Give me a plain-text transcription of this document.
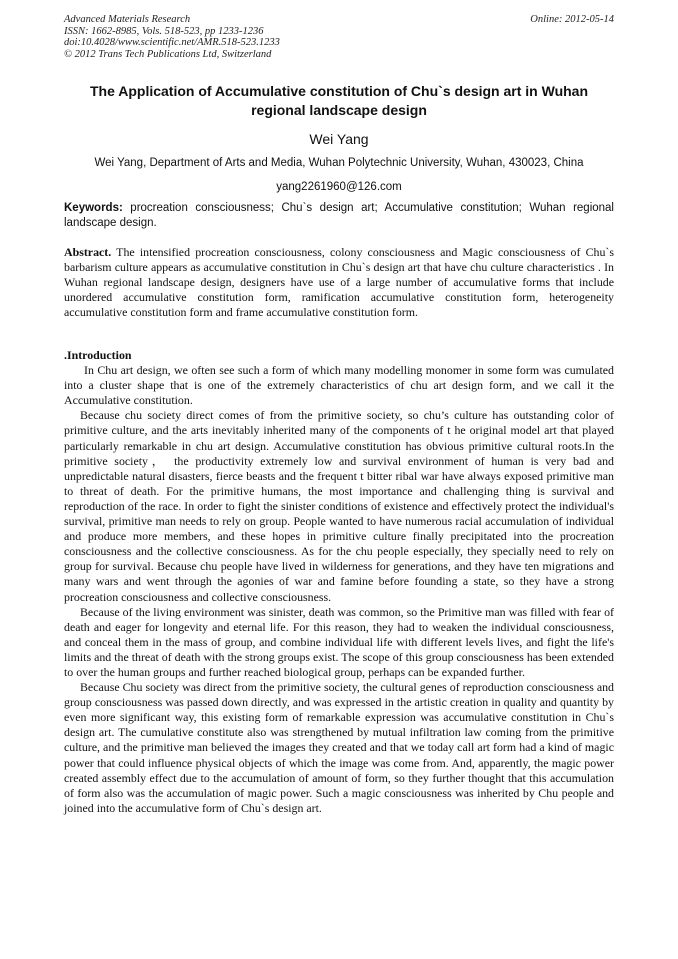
Advanced Materials Research
ISSN: 1662-8985, Vols. 518-523, pp 1233-1236
doi:10.4028/www.scientific.net/AMR.518-523.1233
© 2012 Trans Tech Publications Ltd, Switzerland
Online: 2012-05-14
The Application of Accumulative constitution of Chu`s design art in Wuhan regional landscape design
Wei Yang
Wei Yang, Department of Arts and Media, Wuhan Polytechnic University, Wuhan, 430023, China
yang2261960@126.com
Keywords: procreation consciousness; Chu`s design art; Accumulative constitution; Wuhan regional landscape design.
Abstract. The intensified procreation consciousness, colony consciousness and Magic consciousness of Chu`s barbarism culture appears as accumulative constitution in Chu`s design art that have chu culture characteristics . In Wuhan regional landscape design, designers have use of a large number of accumulative forms that include unordered accumulative constitution form, ramification accumulative constitution form, heterogeneity accumulative constitution form and frame accumulative constitution form.

.Introduction

In Chu art design, we often see such a form of which many modelling monomer in some form was cumulated into a cluster shape that is one of the extremely characteristics of chu art design form, and we call it the Accumulative constitution.

Because chu society direct comes of from the primitive society, so chu’s culture has outstanding color of primitive culture, and the arts inevitably inherited many of the components of t he original model art that played particularly remarkable in chu art design. Accumulative constitution has obvious primitive cultural roots.In the primitive society， the productivity extremely low and survival environment of human is very bad and unpredictable natural disasters, fierce beasts and the frequent t bitter ribal war have always exposed primitive man to threat of death. For the primitive humans, the most importance and challenging thing is survival and reproduction of the race. In order to fight the sinister conditions of existence and effectively protect the individual's survival, primitive man needs to rely on group. People wanted to have numerous racial accumulation of individual and produce more members, and these hopes in primitive culture finally precipitated into the procreation consciousness and the collective consciousness. As for the chu people especially, they specially need to rely on group for survival. Because chu people have lived in wilderness for generations, and they have ten migrations and many wars and went through the agonies of war and famine before founding a state, so they have a strong procreation consciousness and collective consciousness.

Because of the living environment was sinister, death was common, so the Primitive man was filled with fear of death and eager for longevity and eternal life. For this reason, they had to weaken the individual consciousness, and conceal them in the mass of group, and combine individual life with different levels lives, and fight the life's limits and the threat of death with the strong groups exist. The scope of this group consciousness has been extended to over the human groups and further reached biological group, perhaps can be expanded further.

Because Chu society was direct from the primitive society, the cultural genes of reproduction consciousness and group consciousness was passed down directly, and was expressed in the artistic creation in quality and quantity by even more significant way, this existing form of remarkable expression was accumulative constitution in Chu`s design art. The cumulative constitute also was strengthened by mutual infiltration law coming from the primitive culture, and the primitive man believed the images they created and that we today call art form had a kind of magic power that could influence physical objects of which the image was come from. And, apparently, the magic power created assembly effect due to the accumulation of amount of form, so they further thought that this accumulation of form also was the accumulation of magic power. Such a magic consciousness was inherited by Chu people and joined into the accumulative form of Chu`s design art.
